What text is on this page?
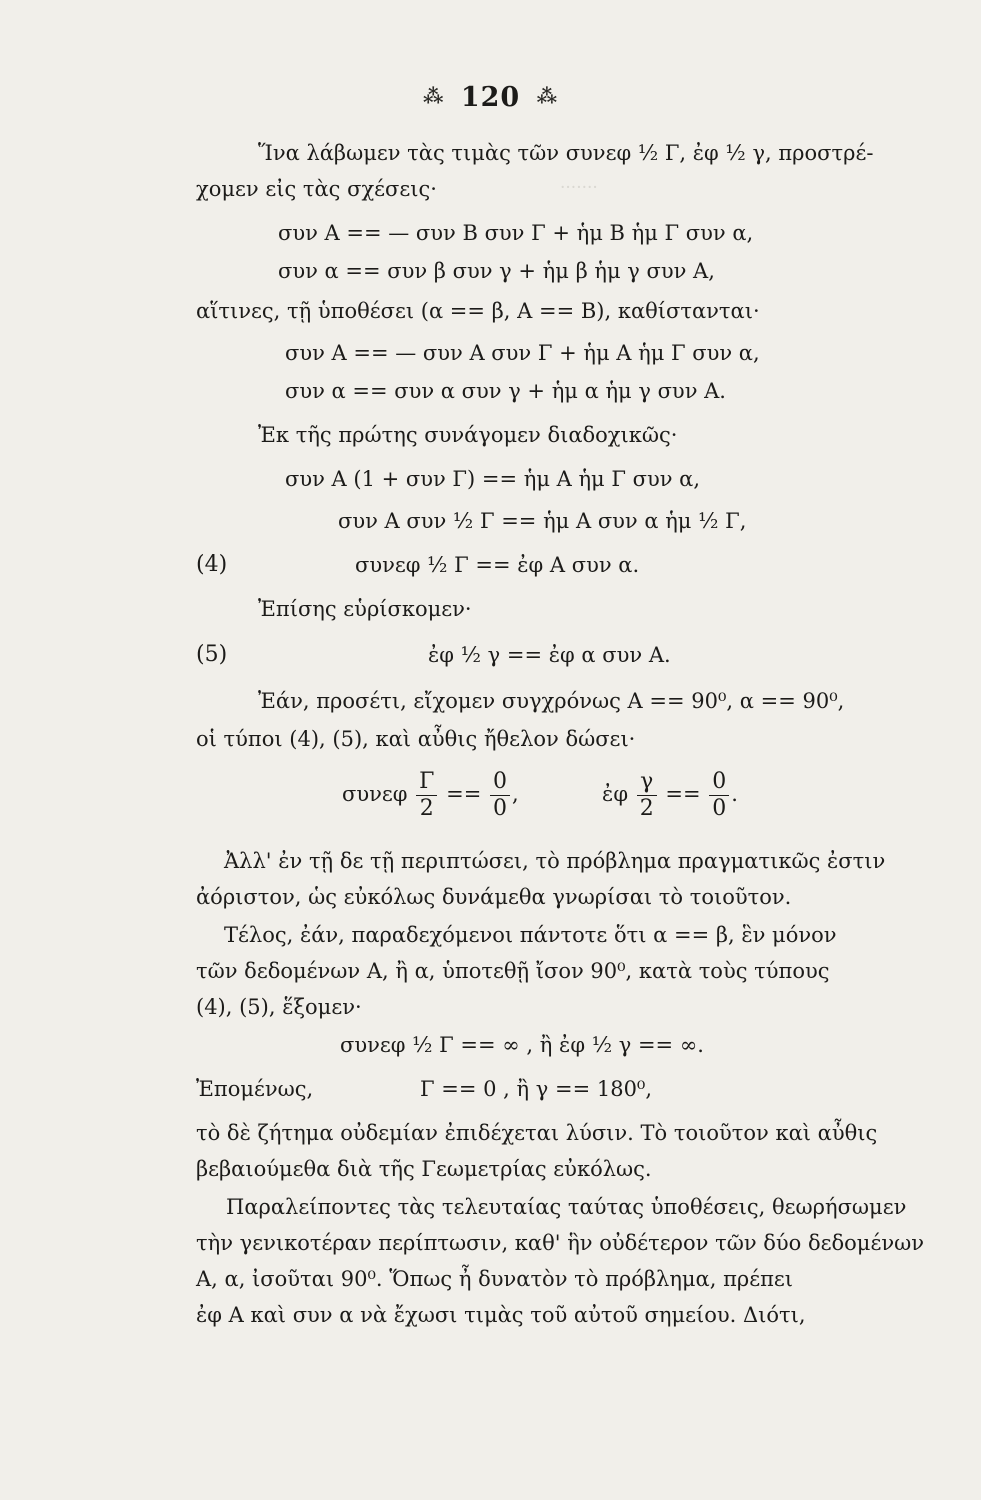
⁂ 120 ⁂
·······
Ἵνα λάβωμεν τὰς τιμὰς τῶν συνεφ ½ Γ, ἐφ ½ γ, προστρέ-
χομεν εἰς τὰς σχέσεις·
συν Α == — συν Β συν Γ + ἡμ Β ἡμ Γ συν α,
συν α == συν β συν γ + ἡμ β ἡμ γ συν Α,
αἵτινες, τῇ ὑποθέσει (α == β, Α == Β), καθίστανται·
συν Α == — συν Α συν Γ + ἡμ Α ἡμ Γ συν α,
συν α == συν α συν γ + ἡμ α ἡμ γ συν Α.
Ἐκ τῆς πρώτης συνάγομεν διαδοχικῶς·
συν Α (1 + συν Γ) == ἡμ Α ἡμ Γ συν α,
συν Α συν ½ Γ == ἡμ Α συν α ἡμ ½ Γ,
(4)	συνεφ ½ Γ == ἐφ Α συν α.
Ἐπίσης εὑρίσκομεν·
(5)	ἐφ ½ γ == ἐφ α συν Α.
Ἐάν, προσέτι, εἴχομεν συγχρόνως Α == 90⁰, α == 90⁰,
οἱ τύποι (4), (5), καὶ αὖθις ἤθελον δώσει·
συνεφ $\frac{\Gamma}{2} == \frac{0}{0}$ ,	ἐφ $\frac{\gamma}{2} == \frac{0}{0}$ .
Ἀλλ' ἐν τῇ δε τῇ περιπτώσει, τὸ πρόβλημα πραγματικῶς ἐστιν
ἀόριστον, ὡς εὐκόλως δυνάμεθα γνωρίσαι τὸ τοιοῦτον.
Τέλος, ἐάν, παραδεχόμενοι πάντοτε ὅτι α == β, ἓν μόνον
τῶν δεδομένων Α, ἢ α, ὑποτεθῇ ἴσον 90⁰, κατὰ τοὺς τύπους
(4), (5), ἕξομεν·
συνεφ ½ Γ == ∞ , ἢ ἐφ ½ γ == ∞.
Ἐπομένως,	Γ == 0 , ἢ γ == 180⁰,
τὸ δὲ ζήτημα οὐδεμίαν ἐπιδέχεται λύσιν. Τὸ τοιοῦτον καὶ αὖθις
βεβαιούμεθα διὰ τῆς Γεωμετρίας εὐκόλως.
Παραλείποντες τὰς τελευταίας ταύτας ὑποθέσεις, θεωρήσωμεν
τὴν γενικοτέραν περίπτωσιν, καθ' ἣν οὐδέτερον τῶν δύο δεδομένων
Α, α, ἰσοῦται 90⁰. Ὅπως ἦ δυνατὸν τὸ πρόβλημα, πρέπει
ἐφ Α καὶ συν α νὰ ἔχωσι τιμὰς τοῦ αὐτοῦ σημείου. Διότι,
